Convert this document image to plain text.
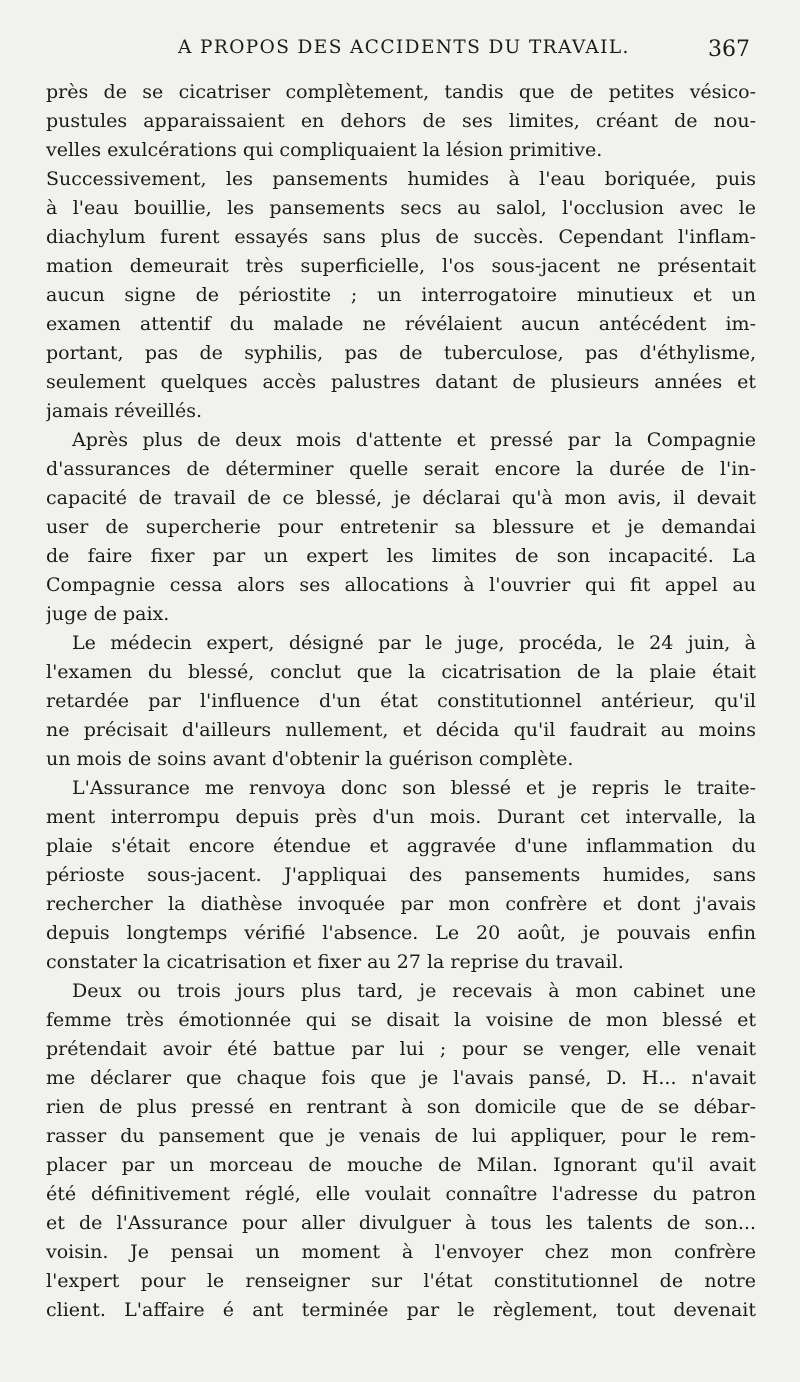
A PROPOS DES ACCIDENTS DU TRAVAIL.	367
près de se cicatriser complètement, tandis que de petites vésico-
pustules apparaissaient en dehors de ses limites, créant de nou-
velles exulcérations qui compliquaient la lésion primitive.
Successivement, les pansements humides à l'eau boriquée, puis
à l'eau bouillie, les pansements secs au salol, l'occlusion avec le
diachylum furent essayés sans plus de succès. Cependant l'inflam-
mation demeurait très superficielle, l'os sous-jacent ne présentait
aucun signe de périostite ; un interrogatoire minutieux et un
examen attentif du malade ne révélaient aucun antécédent im-
portant, pas de syphilis, pas de tuberculose, pas d'éthylisme,
seulement quelques accès palustres datant de plusieurs années et
jamais réveillés.
Après plus de deux mois d'attente et pressé par la Compagnie
d'assurances de déterminer quelle serait encore la durée de l'in-
capacité de travail de ce blessé, je déclarai qu'à mon avis, il devait
user de supercherie pour entretenir sa blessure et je demandai
de faire fixer par un expert les limites de son incapacité. La
Compagnie cessa alors ses allocations à l'ouvrier qui fit appel au
juge de paix.
Le médecin expert, désigné par le juge, procéda, le 24 juin, à
l'examen du blessé, conclut que la cicatrisation de la plaie était
retardée par l'influence d'un état constitutionnel antérieur, qu'il
ne précisait d'ailleurs nullement, et décida qu'il faudrait au moins
un mois de soins avant d'obtenir la guérison complète.
L'Assurance me renvoya donc son blessé et je repris le traite-
ment interrompu depuis près d'un mois. Durant cet intervalle, la
plaie s'était encore étendue et aggravée d'une inflammation du
périoste sous-jacent. J'appliquai des pansements humides, sans
rechercher la diathèse invoquée par mon confrère et dont j'avais
depuis longtemps vérifié l'absence. Le 20 août, je pouvais enfin
constater la cicatrisation et fixer au 27 la reprise du travail.
Deux ou trois jours plus tard, je recevais à mon cabinet une
femme très émotionnée qui se disait la voisine de mon blessé et
prétendait avoir été battue par lui ; pour se venger, elle venait
me déclarer que chaque fois que je l'avais pansé, D. H... n'avait
rien de plus pressé en rentrant à son domicile que de se débar-
rasser du pansement que je venais de lui appliquer, pour le rem-
placer par un morceau de mouche de Milan. Ignorant qu'il avait
été définitivement réglé, elle voulait connaître l'adresse du patron
et de l'Assurance pour aller divulguer à tous les talents de son...
voisin. Je pensai un moment à l'envoyer chez mon confrère
l'expert pour le renseigner sur l'état constitutionnel de notre
client. L'affaire é ant terminée par le règlement, tout devenait
